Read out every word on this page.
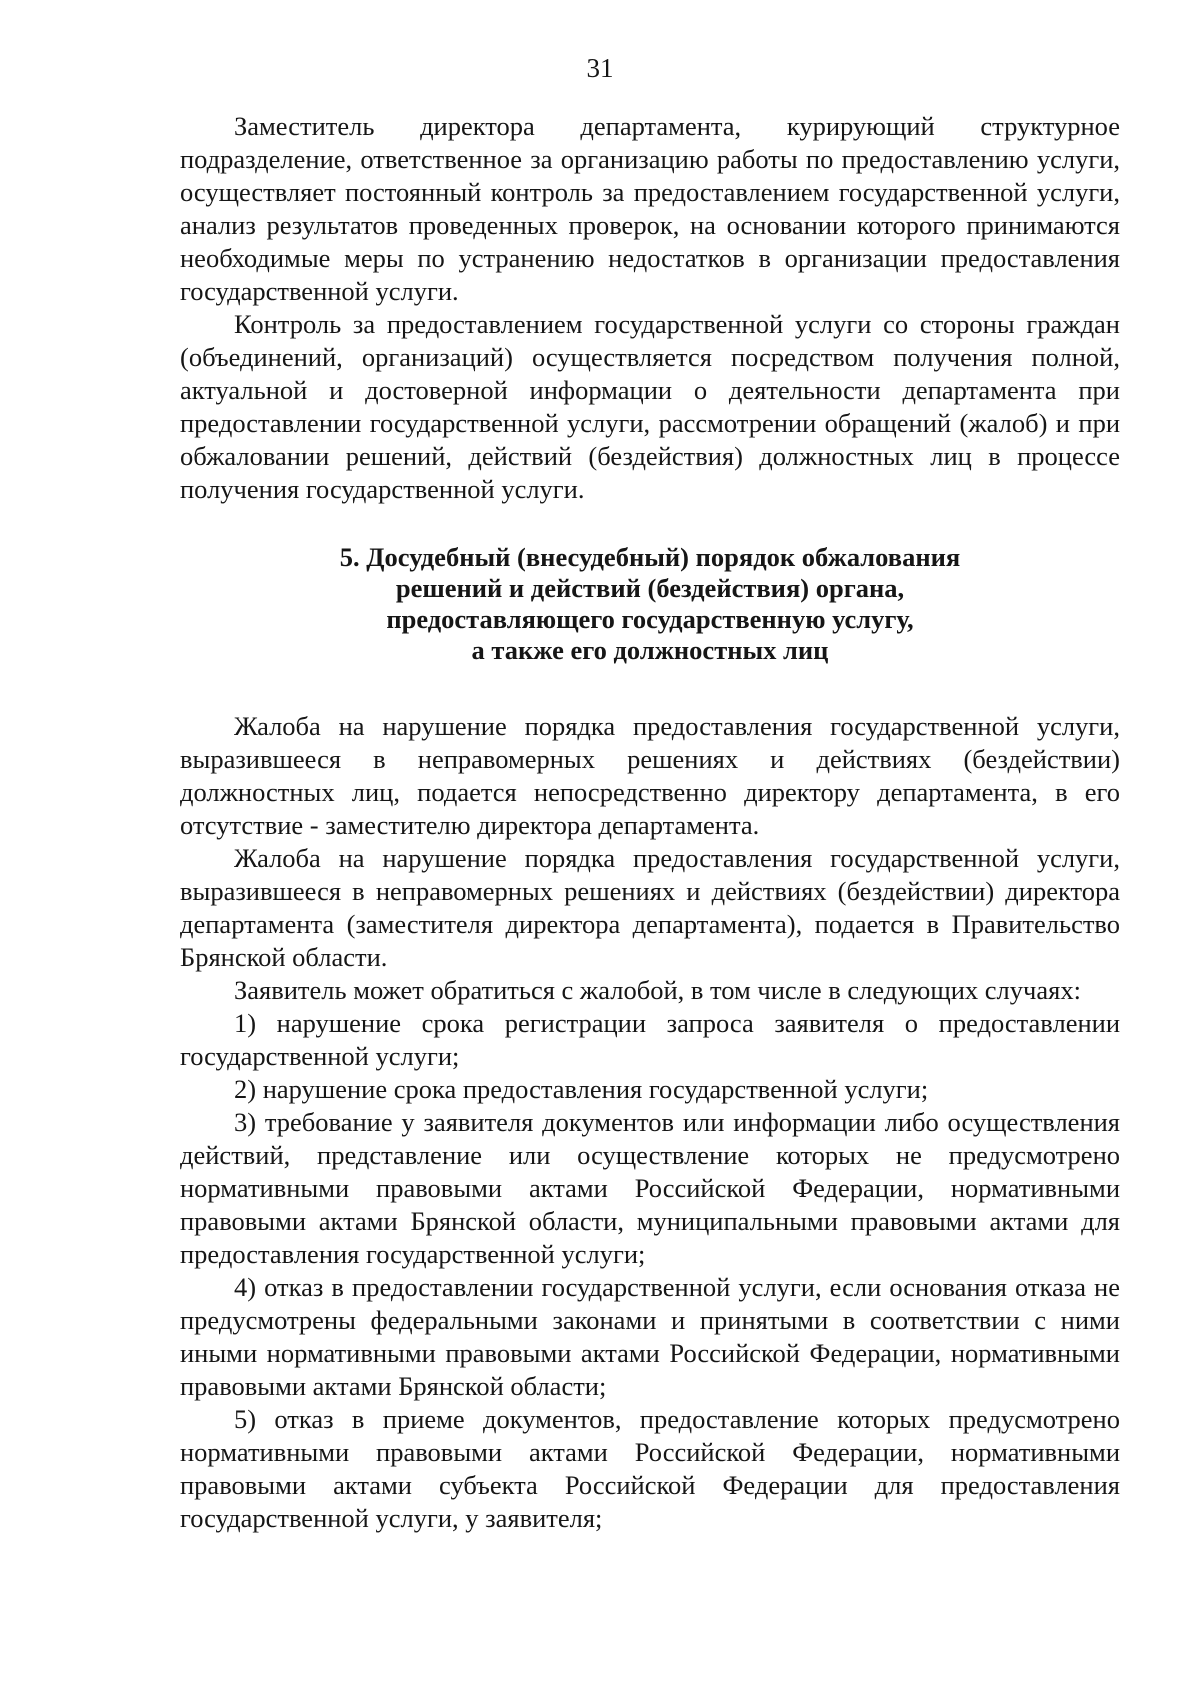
31

Заместитель директора департамента, курирующий структурное подразделение, ответственное за организацию работы по предоставлению услуги, осуществляет постоянный контроль за предоставлением государственной услуги, анализ результатов проведенных проверок, на основании которого принимаются необходимые меры по устранению недостатков в организации предоставления государственной услуги.

Контроль за предоставлением государственной услуги со стороны граждан (объединений, организаций) осуществляется посредством получения полной, актуальной и достоверной информации о деятельности департамента при предоставлении государственной услуги, рассмотрении обращений (жалоб) и при обжаловании решений, действий (бездействия) должностных лиц в процессе получения государственной услуги.

5. Досудебный (внесудебный) порядок обжалования
решений и действий (бездействия) органа,
предоставляющего государственную услугу,
а также его должностных лиц

Жалоба на нарушение порядка предоставления государственной услуги, выразившееся в неправомерных решениях и действиях (бездействии) должностных лиц, подается непосредственно директору департамента, в его отсутствие - заместителю директора департамента.

Жалоба на нарушение порядка предоставления государственной услуги, выразившееся в неправомерных решениях и действиях (бездействии) директора департамента (заместителя директора департамента), подается в Правительство Брянской области.

Заявитель может обратиться с жалобой, в том числе в следующих случаях:

1) нарушение срока регистрации запроса заявителя о предоставлении государственной услуги;

2) нарушение срока предоставления государственной услуги;

3) требование у заявителя документов или информации либо осуществления действий, представление или осуществление которых не предусмотрено нормативными правовыми актами Российской Федерации, нормативными правовыми актами Брянской области, муниципальными правовыми актами для предоставления государственной услуги;

4) отказ в предоставлении государственной услуги, если основания отказа не предусмотрены федеральными законами и принятыми в соответствии с ними иными нормативными правовыми актами Российской Федерации, нормативными правовыми актами Брянской области;

5) отказ в приеме документов, предоставление которых предусмотрено нормативными правовыми актами Российской Федерации, нормативными правовыми актами субъекта Российской Федерации для предоставления государственной услуги, у заявителя;
